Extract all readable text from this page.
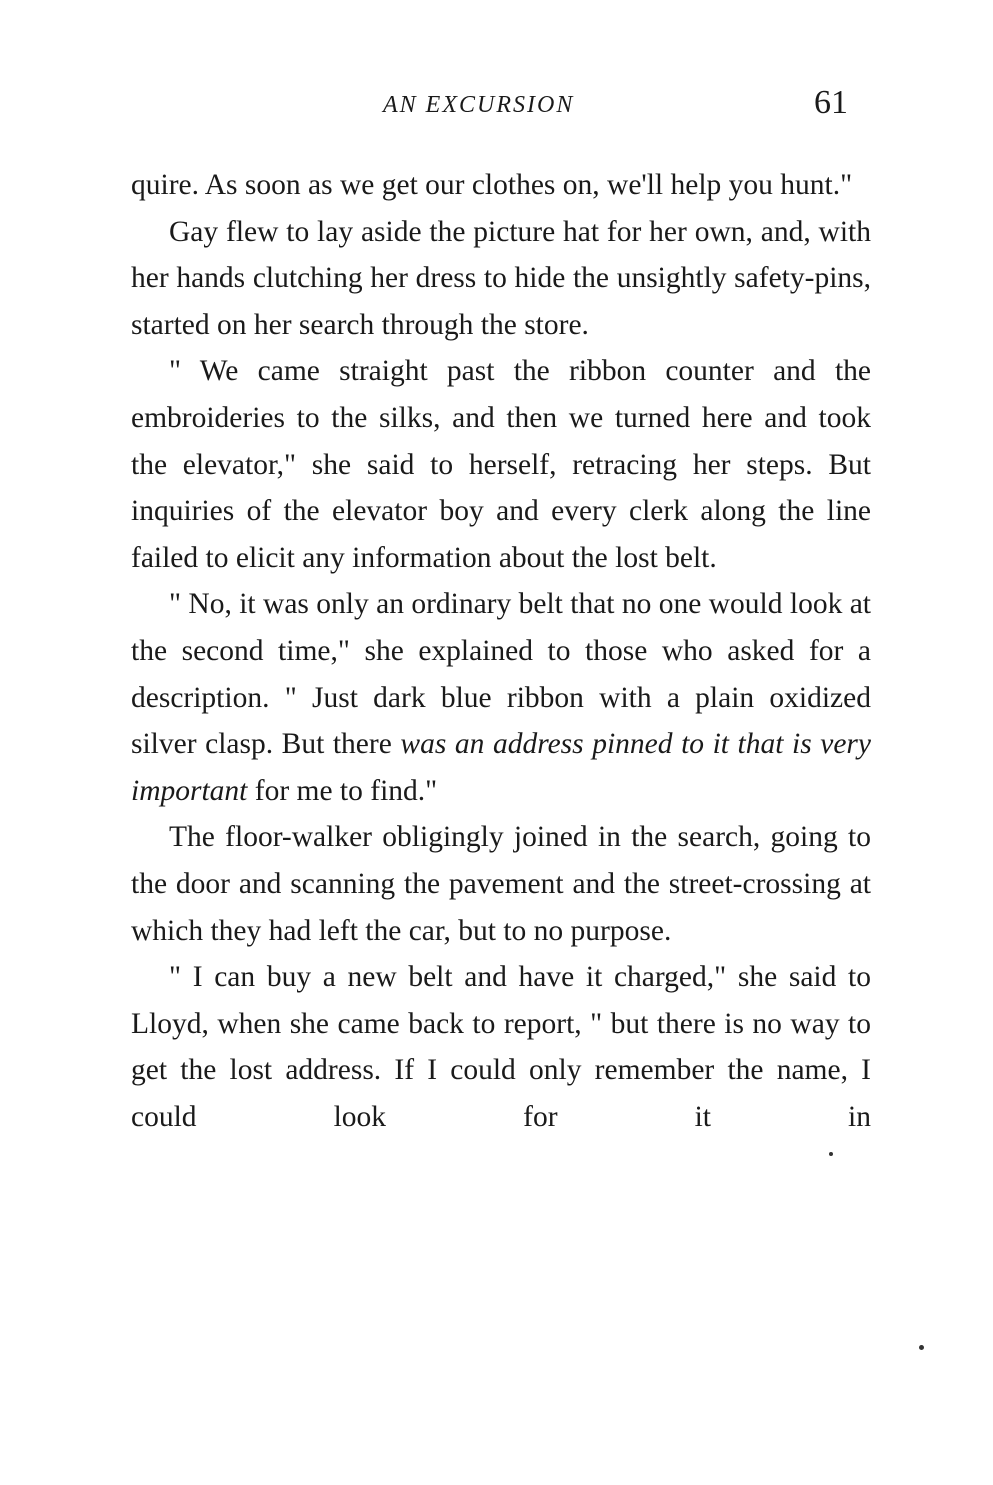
AN EXCURSION	61

quire. As soon as we get our clothes on, we'll help you hunt."

Gay flew to lay aside the picture hat for her own, and, with her hands clutching her dress to hide the unsightly safety-pins, started on her search through the store.

" We came straight past the ribbon counter and the embroideries to the silks, and then we turned here and took the elevator," she said to herself, retracing her steps. But inquiries of the elevator boy and every clerk along the line failed to elicit any information about the lost belt.

" No, it was only an ordinary belt that no one would look at the second time," she explained to those who asked for a description. " Just dark blue ribbon with a plain oxidized silver clasp. But there was an address pinned to it that is very important for me to find."

The floor-walker obligingly joined in the search, going to the door and scanning the pavement and the street-crossing at which they had left the car, but to no purpose.

" I can buy a new belt and have it charged," she said to Lloyd, when she came back to report, " but there is no way to get the lost address. If I could only remember the name, I could look for it in
